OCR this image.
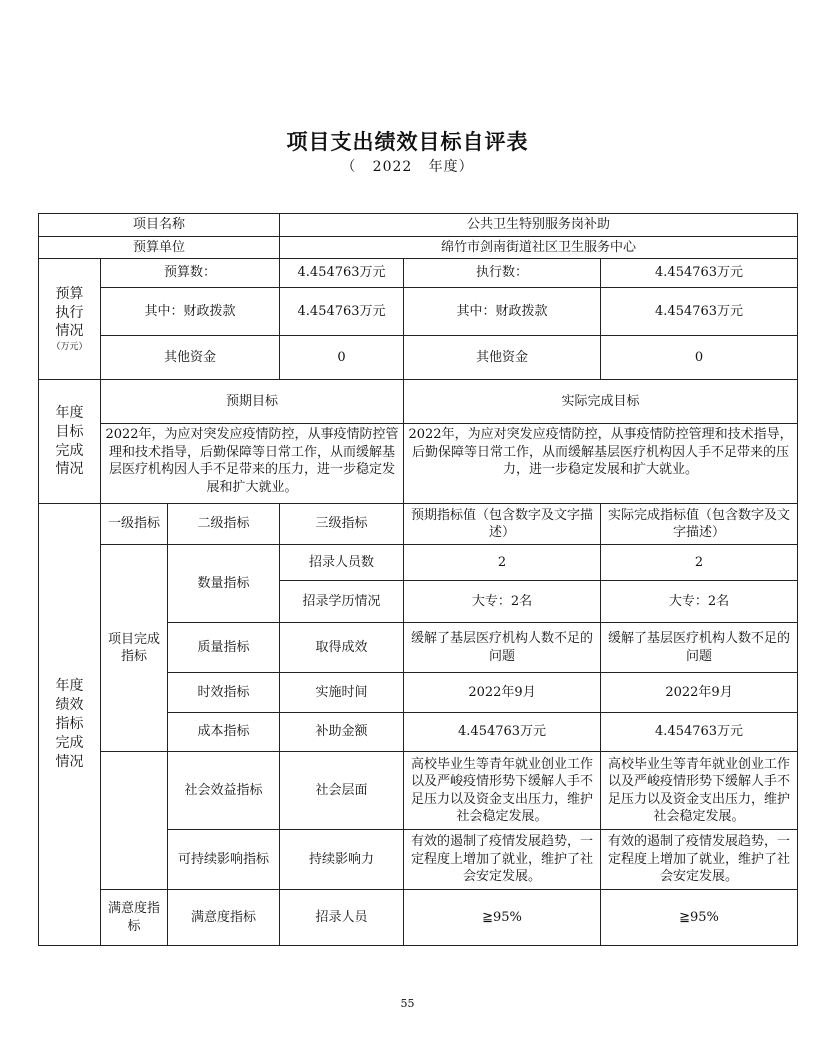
项目支出绩效目标自评表
（ 2022 年度）
项目名称			公共卫生特别服务岗补助		
预算单位			绵竹市剑南街道社区卫生服务中心		

预算执行情况
（万元）	预算数：		4.454763万元	执行数：	4.454763万元
	其中：财政拨款		4.454763万元	其中：财政拨款	4.454763万元
	其他资金		0	其他资金	0

年度目标完成情况	预期目标			实际完成目标	
	2022年，为应对突发应疫情防控，从事疫情防控管理和技术指导，后勤保障等日常工作，从而缓解基层医疗机构因人手不足带来的压力，进一步稳定发展和扩大就业。			2022年，为应对突发应疫情防控，从事疫情防控管理和技术指导，后勤保障等日常工作，从而缓解基层医疗机构因人手不足带来的压力，进一步稳定发展和扩大就业。	

年度绩效指标完成情况	一级指标	二级指标	三级指标	预期指标值（包含数字及文字描述）	实际完成指标值（包含数字及文字描述）
	项目完成指标	数量指标	招录人员数	2	2
			招录学历情况	大专：2名	大专：2名
		质量指标	取得成效	缓解了基层医疗机构人数不足的问题	缓解了基层医疗机构人数不足的问题
		时效指标	实施时间	2022年9月	2022年9月
		成本指标	补助金额	4.454763万元	4.454763万元
		社会效益指标	社会层面	高校毕业生等青年就业创业工作以及严峻疫情形势下缓解人手不足压力以及资金支出压力，维护社会稳定发展。	高校毕业生等青年就业创业工作以及严峻疫情形势下缓解人手不足压力以及资金支出压力，维护社会稳定发展。
		可持续影响指标	持续影响力	有效的遏制了疫情发展趋势，一定程度上增加了就业，维护了社会安定发展。	有效的遏制了疫情发展趋势，一定程度上增加了就业，维护了社会安定发展。
	满意度指标	满意度指标	招录人员	≧95%	≧95%
55
